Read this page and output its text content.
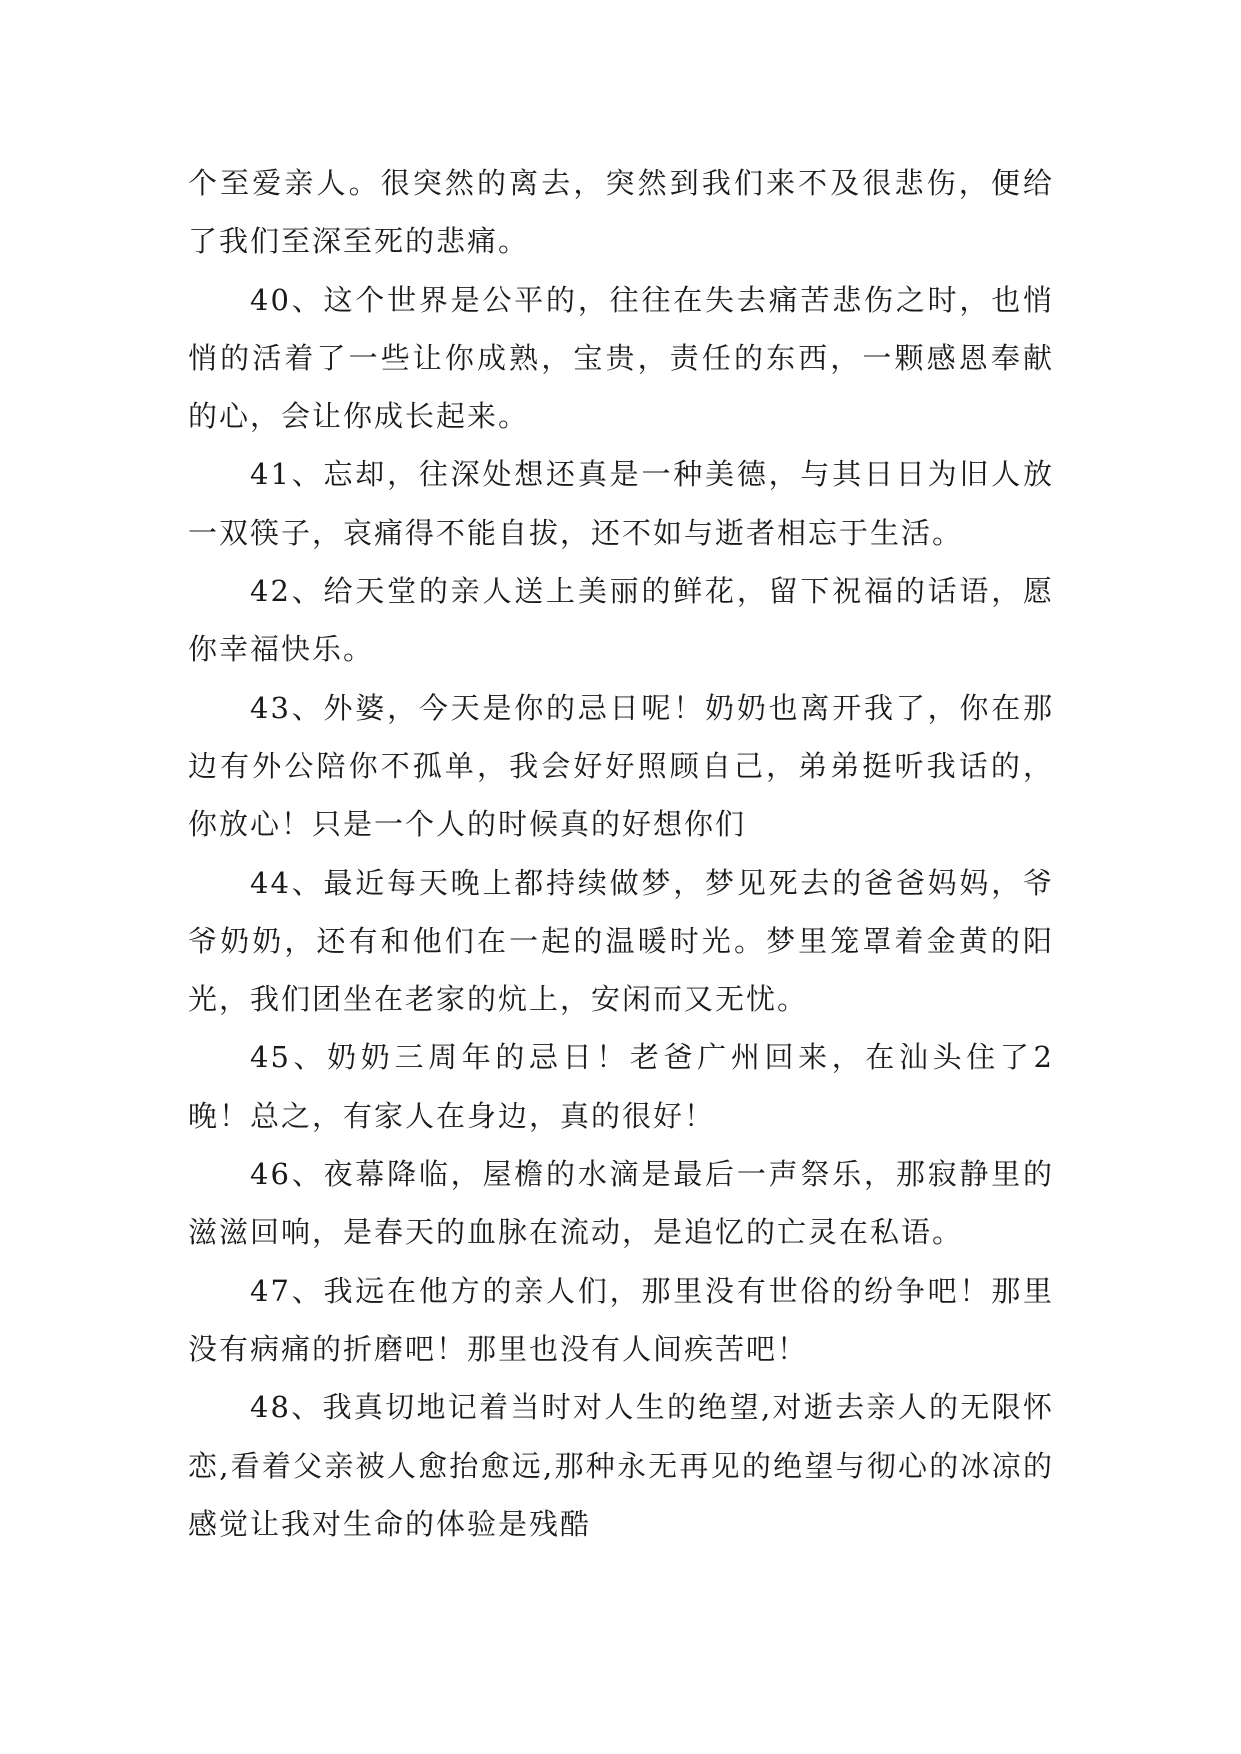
个至爱亲人。很突然的离去，突然到我们来不及很悲伤，便给了我们至深至死的悲痛。

40、这个世界是公平的，往往在失去痛苦悲伤之时，也悄悄的活着了一些让你成熟，宝贵，责任的东西，一颗感恩奉献的心，会让你成长起来。

41、忘却，往深处想还真是一种美德，与其日日为旧人放一双筷子，哀痛得不能自拔，还不如与逝者相忘于生活。

42、给天堂的亲人送上美丽的鲜花，留下祝福的话语，愿你幸福快乐。

43、外婆，今天是你的忌日呢！奶奶也离开我了，你在那边有外公陪你不孤单，我会好好照顾自己，弟弟挺听我话的，你放心！只是一个人的时候真的好想你们

44、最近每天晚上都持续做梦，梦见死去的爸爸妈妈，爷爷奶奶，还有和他们在一起的温暖时光。梦里笼罩着金黄的阳光，我们团坐在老家的炕上，安闲而又无忧。

45、奶奶三周年的忌日！老爸广州回来，在汕头住了2晚！总之，有家人在身边，真的很好！

46、夜幕降临，屋檐的水滴是最后一声祭乐，那寂静里的滋滋回响，是春天的血脉在流动，是追忆的亡灵在私语。

47、我远在他方的亲人们，那里没有世俗的纷争吧！那里没有病痛的折磨吧！那里也没有人间疾苦吧！

48、我真切地记着当时对人生的绝望,对逝去亲人的无限怀恋,看着父亲被人愈抬愈远,那种永无再见的绝望与彻心的冰凉的感觉让我对生命的体验是残酷
